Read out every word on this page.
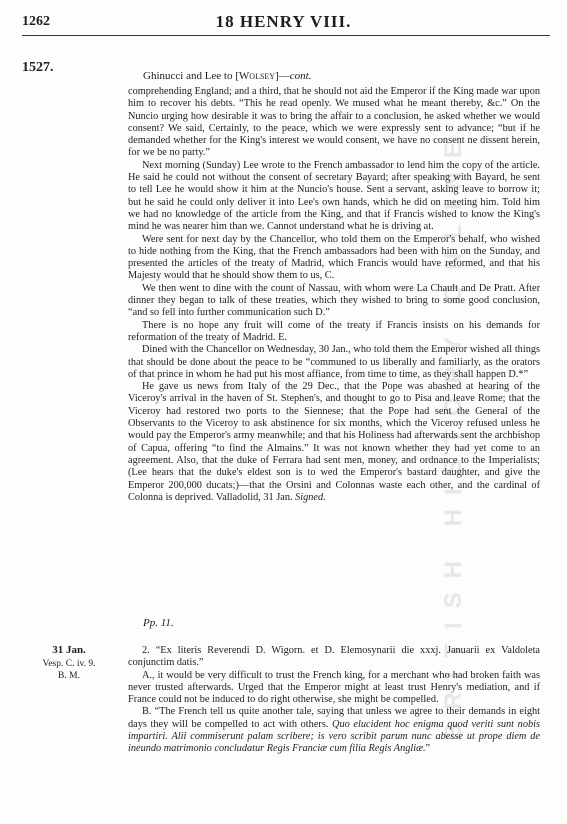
1262	18 HENRY VIII.
1527.
BRITISH HISTORY ONLINE
Ghinucci and Lee to [Wolsey]—cont.

comprehending England; and a third, that he should not aid the Emperor if the King made war upon him to recover his debts. “This he read openly. We mused what he meant thereby, &c.” On the Nuncio urging how desirable it was to bring the affair to a conclusion, he asked whether we would consent? We said, Certainly, to the peace, which we were expressly sent to advance; “but if he demanded whether for the King's interest we would consent, we have no consent ne dissent herein, for we be no party.”

Next morning (Sunday) Lee wrote to the French ambassador to lend him the copy of the article. He said he could not without the consent of secretary Bayard; after speaking with Bayard, he sent to tell Lee he would show it him at the Nuncio's house. Sent a servant, asking leave to borrow it; but he said he could only deliver it into Lee's own hands, which he did on meeting him. Told him we had no knowledge of the article from the King, and that if Francis wished to know the King's mind he was nearer him than we. Cannot understand what he is driving at.

Were sent for next day by the Chancellor, who told them on the Emperor's behalf, who wished to hide nothing from the King, that the French ambassadors had been with him on the Sunday, and presented the articles of the treaty of Madrid, which Francis would have reformed, and that his Majesty would that he should show them to us, C.

We then went to dine with the count of Nassau, with whom were La Chault and De Pratt. After dinner they began to talk of these treaties, which they wished to bring to some good conclusion, “and so fell into further communication such D.”

There is no hope any fruit will come of the treaty if Francis insists on his demands for reformation of the treaty of Madrid. E.

Dined with the Chancellor on Wednesday, 30 Jan., who told them the Emperor wished all things that should be done about the peace to be “communed to us liberally and familiarly, as the orators of that prince in whom he had put his most affiance, from time to time, as they shall happen D.*”

He gave us news from Italy of the 29 Dec., that the Pope was abashed at hearing of the Viceroy's arrival in the haven of St. Stephen's, and thought to go to Pisa and leave Rome; that the Viceroy had restored two ports to the Siennese; that the Pope had sent the General of the Observants to the Viceroy to ask abstinence for six months, which the Viceroy refused unless he would pay the Emperor's army meanwhile; and that his Holiness had afterwards sent the archbishop of Capua, offering “to find the Almains.” It was not known whether they had yet come to an agreement. Also, that the duke of Ferrara had sent men, money, and ordnance to the Imperialists; (Lee hears that the duke's eldest son is to wed the Emperor's bastard daughter, and give the Emperor 200,000 ducats;)—that the Orsini and Colonnas waste each other, and the cardinal of Colonna is deprived. Valladolid, 31 Jan. Signed.

Pp. 11.
31 Jan.
Vesp. C. iv. 9.
B. M.

2. “Ex literis Reverendi D. Wigorn. et D. Elemosynarii die xxxj. Januarii ex Valdoleta conjunctim datis.”

A., it would be very difficult to trust the French king, for a merchant who had broken faith was never trusted afterwards. Urged that the Emperor might at least trust Henry's mediation, and if France could not be induced to do right otherwise, she might be compelled.

B. “The French tell us quite another tale, saying that unless we agree to their demands in eight days they will be compelled to act with others. Quo elucident hoc enigma quod veriti sunt nobis impartiri. Alii commiserunt palam scribere; is vero scribit parum nunc abesse ut prope diem de ineundo matrimonio concludatur Regis Franciæ cum filia Regis Angliæ.”
